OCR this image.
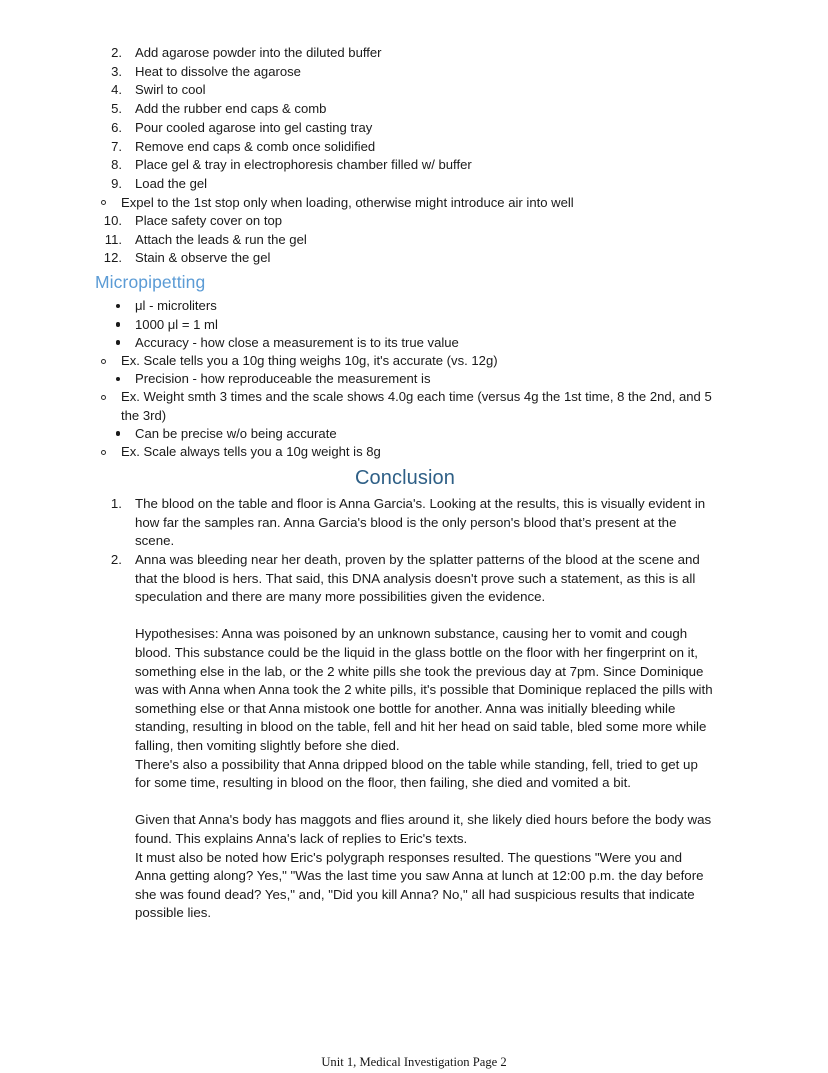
2. Add agarose powder into the diluted buffer
3. Heat to dissolve the agarose
4. Swirl to cool
5. Add the rubber end caps & comb
6. Pour cooled agarose into gel casting tray
7. Remove end caps & comb once solidified
8. Place gel & tray in electrophoresis chamber filled w/ buffer
9. Load the gel
Expel to the 1st stop only when loading, otherwise might introduce air into well
10. Place safety cover on top
11. Attach the leads & run the gel
12. Stain & observe the gel
Micropipetting
μl - microliters
1000 μl = 1 ml
Accuracy - how close a measurement is to its true value
Ex. Scale tells you a 10g thing weighs 10g, it's accurate (vs. 12g)
Precision - how reproduceable the measurement is
Ex. Weight smth 3 times and the scale shows 4.0g each time (versus 4g the 1st time, 8 the 2nd, and 5 the 3rd)
Can be precise w/o being accurate
Ex. Scale always tells you a 10g weight is 8g
Conclusion
1. The blood on the table and floor is Anna Garcia's. Looking at the results, this is visually evident in how far the samples ran. Anna Garcia's blood is the only person's blood that’s present at the scene.
2. Anna was bleeding near her death, proven by the splatter patterns of the blood at the scene and that the blood is hers. That said, this DNA analysis doesn't prove such a statement, as this is all speculation and there are many more possibilities given the evidence.

Hypothesises: Anna was poisoned by an unknown substance, causing her to vomit and cough blood. This substance could be the liquid in the glass bottle on the floor with her fingerprint on it, something else in the lab, or the 2 white pills she took the previous day at 7pm. Since Dominique was with Anna when Anna took the 2 white pills, it's possible that Dominique replaced the pills with something else or that Anna mistook one bottle for another. Anna was initially bleeding while standing, resulting in blood on the table, fell and hit her head on said table, bled some more while falling, then vomiting slightly before she died.

There's also a possibility that Anna dripped blood on the table while standing, fell, tried to get up for some time, resulting in blood on the floor, then failing, she died and vomited a bit.

Given that Anna's body has maggots and flies around it, she likely died hours before the body was found. This explains Anna's lack of replies to Eric's texts.

It must also be noted how Eric's polygraph responses resulted. The questions "Were you and Anna getting along? Yes," "Was the last time you saw Anna at lunch at 12:00 p.m. the day before she was found dead? Yes," and, "Did you kill Anna? No," all had suspicious results that indicate possible lies.

Unit 1, Medical Investigation Page 2
